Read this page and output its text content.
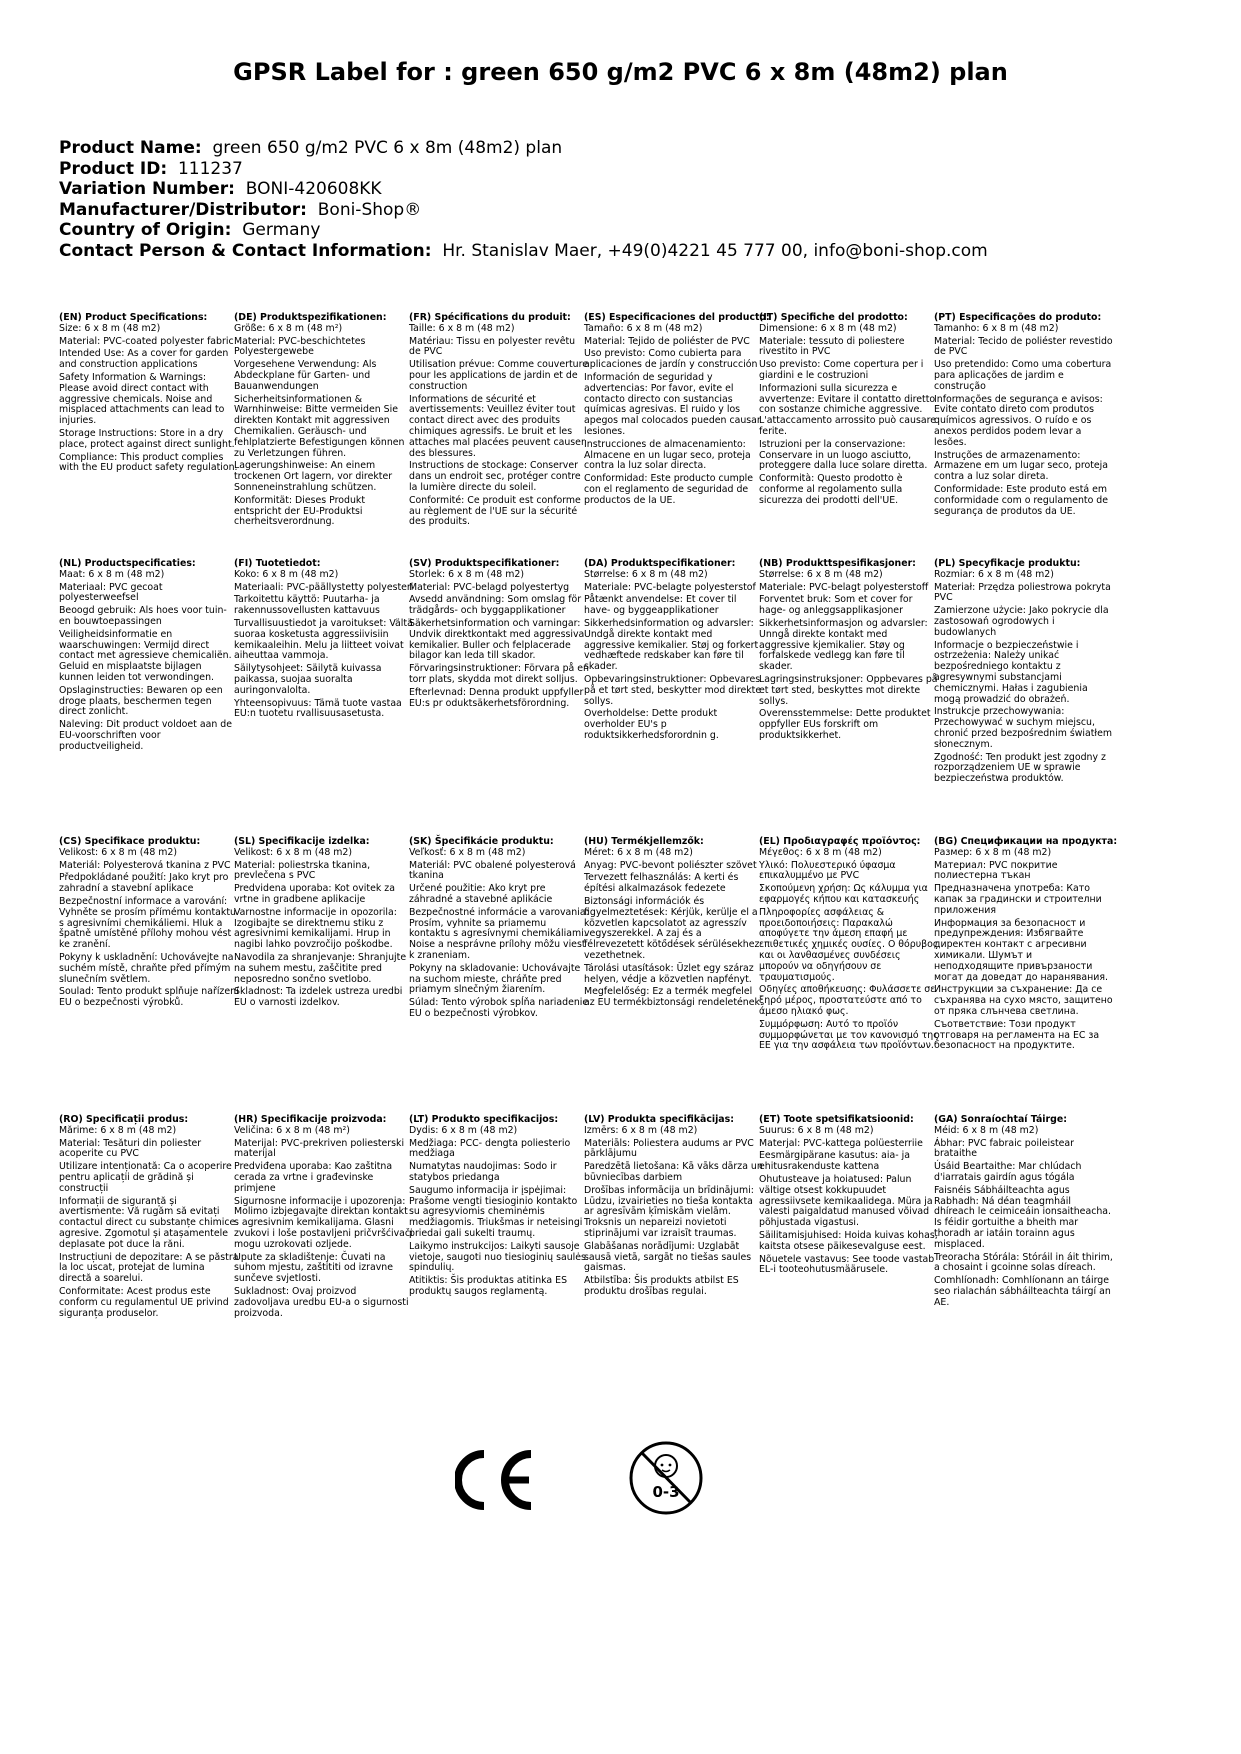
GPSR Label for : green 650 g/m2 PVC 6 x 8m (48m2) plan
Product Name: green 650 g/m2 PVC 6 x 8m (48m2) plan
Product ID: 111237
Variation Number: BONI-420608KK
Manufacturer/Distributor: Boni-Shop®
Country of Origin: Germany
Contact Person & Contact Information: Hr. Stanislav Maer, +49(0)4221 45 777 00, info@boni-shop.com
(EN) Product Specifications:
Size: 6 x 8 m (48 m2)
Material: PVC-coated polyester fabric
Intended Use: As a cover for garden and construction applications
Safety Information & Warnings: Please avoid direct contact with aggressive chemicals. Noise and misplaced attachments can lead to injuries.
Storage Instructions: Store in a dry place, protect against direct sunlight.
Compliance: This product complies with the EU product safety regulation.
(DE) Produktspezifikationen:
Größe: 6 x 8 m (48 m²)
Material: PVC-beschichtetes Polyestergewebe
Vorgesehene Verwendung: Als Abdeckplane für Garten- und Bauanwendungen
Sicherheitsinformationen & Warnhinweise: Bitte vermeiden Sie direkten Kontakt mit aggressiven Chemikalien. Geräusch- und fehlplatzierte Befestigungen können zu Verletzungen führen.
Lagerungshinweise: An einem trockenen Ort lagern, vor direkter Sonneneinstrahlung schützen.
Konformität: Dieses Produkt entspricht der EU-Produktsi cherheitsverordnung.
(FR) Spécifications du produit:
Taille: 6 x 8 m (48 m2)
Matériau: Tissu en polyester revêtu de PVC
Utilisation prévue: Comme couverture pour les applications de jardin et de construction
Informations de sécurité et avertissements: Veuillez éviter tout contact direct avec des produits chimiques agressifs. Le bruit et les attaches mal placées peuvent causer des blessures.
Instructions de stockage: Conserver dans un endroit sec, protéger contre la lumière directe du soleil.
Conformité: Ce produit est conforme au règlement de l'UE sur la sécurité des produits.
(ES) Especificaciones del producto:
Tamaño: 6 x 8 m (48 m2)
Material: Tejido de poliéster de PVC
Uso previsto: Como cubierta para aplicaciones de jardín y construcción
Información de seguridad y advertencias: Por favor, evite el contacto directo con sustancias químicas agresivas. El ruido y los apegos mal colocados pueden causar lesiones.
Instrucciones de almacenamiento: Almacene en un lugar seco, proteja contra la luz solar directa.
Conformidad: Este producto cumple con el reglamento de seguridad de productos de la UE.
(IT) Specifiche del prodotto:
Dimensione: 6 x 8 m (48 m2)
Materiale: tessuto di poliestere rivestito in PVC
Uso previsto: Come copertura per i giardini e le costruzioni
Informazioni sulla sicurezza e avvertenze: Evitare il contatto diretto con sostanze chimiche aggressive. L'attaccamento arrossito può causare ferite.
Istruzioni per la conservazione: Conservare in un luogo asciutto, proteggere dalla luce solare diretta.
Conformità: Questo prodotto è conforme al regolamento sulla sicurezza dei prodotti dell'UE.
(PT) Especificações do produto:
Tamanho: 6 x 8 m (48 m2)
Material: Tecido de poliéster revestido de PVC
Uso pretendido: Como uma cobertura para aplicações de jardim e construção
Informações de segurança e avisos: Evite contato direto com produtos químicos agressivos. O ruído e os anexos perdidos podem levar a lesões.
Instruções de armazenamento: Armazene em um lugar seco, proteja contra a luz solar direta.
Conformidade: Este produto está em conformidade com o regulamento de segurança de produtos da UE.
(NL) Productspecificaties:
Maat: 6 x 8 m (48 m2)
Materiaal: PVC gecoat polyesterweefsel
Beoogd gebruik: Als hoes voor tuin- en bouwtoepassingen
Veiligheidsinformatie en waarschuwingen: Vermijd direct contact met agressieve chemicaliën. Geluid en misplaatste bijlagen kunnen leiden tot verwondingen.
Opslaginstructies: Bewaren op een droge plaats, beschermen tegen direct zonlicht.
Naleving: Dit product voldoet aan de EU-voorschriften voor productveiligheid.
(FI) Tuotetiedot:
Koko: 6 x 8 m (48 m2)
Materiaali: PVC-päällystetty polyesteri
Tarkoitettu käyttö: Puutarha- ja rakennussovellusten kattavuus
Turvallisuustiedot ja varoitukset: Vältä suoraa kosketusta aggressiivisiin kemikaaleihin. Melu ja liitteet voivat aiheuttaa vammoja.
Säilytysohjeet: Säilytä kuivassa paikassa, suojaa suoralta auringonvalolta.
Yhteensopivuus: Tämä tuote vastaa EU:n tuotetu rvallisuusasetusta.
(SV) Produktspecifikationer:
Storlek: 6 x 8 m (48 m2)
Material: PVC-belagd polyestertyg
Avsedd användning: Som omslag för trädgårds- och byggapplikationer
Säkerhetsinformation och varningar: Undvik direktkontakt med aggressiva kemikalier. Buller och felplacerade bilagor kan leda till skador.
Förvaringsinstruktioner: Förvara på en torr plats, skydda mot direkt solljus.
Efterlevnad: Denna produkt uppfyller EU:s pr oduktsäkerhetsförordning.
(DA) Produktspecifikationer:
Størrelse: 6 x 8 m (48 m2)
Materiale: PVC-belagte polyesterstof
Påtænkt anvendelse: Et cover til have- og byggeapplikationer
Sikkerhedsinformation og advarsler: Undgå direkte kontakt med aggressive kemikalier. Støj og forkert vedhæftede redskaber kan føre til skader.
Opbevaringsinstruktioner: Opbevares på et tørt sted, beskytter mod direkte sollys.
Overholdelse: Dette produkt overholder EU's p roduktsikkerhedsforordnin g.
(NB) Produkttspesifikasjoner:
Størrelse: 6 x 8 m (48 m2)
Materiale: PVC-belagt polyesterstoff
Forventet bruk: Som et cover for hage- og anleggsapplikasjoner
Sikkerhetsinformasjon og advarsler: Unngå direkte kontakt med aggressive kjemikalier. Støy og forfalskede vedlegg kan føre til skader.
Lagringsinstruksjoner: Oppbevares på et tørt sted, beskyttes mot direkte sollys.
Overensstemmelse: Dette produktet oppfyller EUs forskrift om produktsikkerhet.
(PL) Specyfikacje produktu:
Rozmiar: 6 x 8 m (48 m2)
Materiał: Przędza poliestrowa pokryta PVC
Zamierzone użycie: Jako pokrycie dla zastosowań ogrodowych i budowlanych
Informacje o bezpieczeństwie i ostrzeżenia: Należy unikać bezpośredniego kontaktu z agresywnymi substancjami chemicznymi. Hałas i zagubienia mogą prowadzić do obrażeń.
Instrukcje przechowywania: Przechowywać w suchym miejscu, chronić przed bezpośrednim światłem słonecznym.
Zgodność: Ten produkt jest zgodny z rozporządzeniem UE w sprawie bezpieczeństwa produktów.
(CS) Specifikace produktu:
Velikost: 6 x 8 m (48 m2)
Materiál: Polyesterová tkanina z PVC
Předpokládané použití: Jako kryt pro zahradní a stavební aplikace
Bezpečnostní informace a varování: Vyhněte se prosím přímému kontaktu s agresivními chemikáliemi. Hluk a špatně umístěné přílohy mohou vést ke zranění.
Pokyny k uskladnění: Uchovávejte na suchém místě, chraňte před přímým slunečním světlem.
Soulad: Tento produkt splňuje nařízení EU o bezpečnosti výrobků.
(SL) Specifikacije izdelka:
Velikost: 6 x 8 m (48 m2)
Material: poliestrska tkanina, prevlečena s PVC
Predvidena uporaba: Kot ovitek za vrtne in gradbene aplikacije
Varnostne informacije in opozorila: Izogibajte se direktnemu stiku z agresivnimi kemikalijami. Hrup in nagibi lahko povzročijo poškodbe.
Navodila za shranjevanje: Shranjujte na suhem mestu, zaščitite pred neposredno sončno svetlobo.
Skladnost: Ta izdelek ustreza uredbi EU o varnosti izdelkov.
(SK) Špecifikácie produktu:
Veľkosť: 6 x 8 m (48 m2)
Materiál: PVC obalené polyesterová tkanina
Určené použitie: Ako kryt pre záhradné a stavebné aplikácie
Bezpečnostné informácie a varovania: Prosím, vyhnite sa priamemu kontaktu s agresívnymi chemikáliami. Noise a nesprávne prílohy môžu viesť k zraneniam.
Pokyny na skladovanie: Uchovávajte na suchom mieste, chráňte pred priamym slnečným žiarením.
Súlad: Tento výrobok spĺňa nariadenie EU o bezpečnosti výrobkov.
(HU) Termékjellemzők:
Méret: 6 x 8 m (48 m2)
Anyag: PVC-bevont poliészter szövet
Tervezett felhasználás: A kerti és építési alkalmazások fedezete
Biztonsági információk és figyelmeztetések: Kérjük, kerülje el a közvetlen kapcsolatot az agresszív vegyszerekkel. A zaj és a félrevezetett kötődések sérülésekhez vezethetnek.
Tárolási utasítások: Üzlet egy száraz helyen, védje a közvetlen napfényt.
Megfelelőség: Ez a termék megfelel az EU termékbiztonsági rendeletének.
(EL) Προδιαγραφές προϊόντος:
Μέγεθος: 6 x 8 m (48 m2)
Υλικό: Πολυεστερικό ύφασμα επικαλυμμένο με PVC
Σκοπούμενη χρήση: Ως κάλυμμα για εφαρμογές κήπου και κατασκευής
Πληροφορίες ασφάλειας & προειδοποιήσεις: Παρακαλώ αποφύγετε την άμεση επαφή με επιθετικές χημικές ουσίες. Ο θόρυβος και οι λανθασμένες συνδέσεις μπορούν να οδηγήσουν σε τραυματισμούς.
Οδηγίες αποθήκευσης: Φυλάσσετε σε ξηρό μέρος, προστατεύστε από το άμεσο ηλιακό φως.
Συμμόρφωση: Αυτό το προϊόν συμμορφώνεται με τον κανονισμό της ΕΕ για την ασφάλεια των προϊόντων.
(BG) Спецификации на продукта:
Размер: 6 x 8 m (48 m2)
Материал: PVC покритие полиестерна тъкан
Предназначена употреба: Като капак за градински и строителни приложения
Информация за безопасност и предупреждения: Избягвайте директен контакт с агресивни химикали. Шумът и неподходящите привързаности могат да доведат до наранявания.
Инструкции за съхранение: Да се съхранява на сухо място, защитено от пряка слънчева светлина.
Съответствие: Този продукт отговаря на регламента на ЕС за безопасност на продуктите.
(RO) Specificații produs:
Mărime: 6 x 8 m (48 m2)
Material: Tesături din poliester acoperite cu PVC
Utilizare intenționată: Ca o acoperire pentru aplicații de grădină și construcții
Informații de siguranță și avertismente: Vă rugăm să evitați contactul direct cu substanțe chimice agresive. Zgomotul și atașamentele deplasate pot duce la răni.
Instrucțiuni de depozitare: A se păstra la loc uscat, protejat de lumina directă a soarelui.
Conformitate: Acest produs este conform cu regulamentul UE privind siguranța produselor.
(HR) Specifikacije proizvoda:
Veličina: 6 x 8 m (48 m²)
Materijal: PVC-prekriven poliesterski materijal
Predviđena uporaba: Kao zaštitna cerada za vrtne i građevinske primjene
Sigurnosne informacije i upozorenja: Molimo izbjegavajte direktan kontakt s agresivnim kemikalijama. Glasni zvukovi i loše postavljeni pričvršćivači mogu uzrokovati ozljede.
Upute za skladištenje: Čuvati na suhom mjestu, zaštititi od izravne sunčeve svjetlosti.
Sukladnost: Ovaj proizvod zadovoljava uredbu EU-a o sigurnosti proizvoda.
(LT) Produkto specifikacijos:
Dydis: 6 x 8 m (48 m2)
Medžiaga: PCC- dengta poliesterio medžiaga
Numatytas naudojimas: Sodo ir statybos priedanga
Saugumo informacija ir įspėjimai: Prašome vengti tiesioginio kontakto su agresyviomis cheminėmis medžiagomis. Triukšmas ir neteisingi priedai gali sukelti traumų.
Laikymo instrukcijos: Laikyti sausoje vietoje, saugoti nuo tiesioginių saulės spindulių.
Atitiktis: Šis produktas atitinka ES produktų saugos reglamentą.
(LV) Produkta specifikācijas:
Izmērs: 6 x 8 m (48 m2)
Materiāls: Poliestera audums ar PVC pārklājumu
Paredzētā lietošana: Kā vāks dārza un būvniecības darbiem
Drošības informācija un brīdinājumi: Lūdzu, izvairieties no tieša kontakta ar agresīvām ķīmiskām vielām. Troksnis un nepareizi novietoti stiprinājumi var izraisīt traumas.
Glabāšanas norādījumi: Uzglabāt sausā vietā, sargāt no tiešas saules gaismas.
Atbilstība: Šis produkts atbilst ES produktu drošības regulai.
(ET) Toote spetsifikatsioonid:
Suurus: 6 x 8 m (48 m2)
Materjal: PVC-kattega polüesterriie
Eesmärgipärane kasutus: aia- ja ehitusrakenduste kattena
Ohutusteave ja hoiatused: Palun vältige otsest kokkupuudet agressiivsete kemikaalidega. Müra ja valesti paigaldatud manused võivad põhjustada vigastusi.
Säilitamisjuhised: Hoida kuivas kohas, kaitsta otsese päikesevalguse eest.
Nõuetele vastavus: See toode vastab EL-i tooteohutusmäärusele.
(GA) Sonraíochtaí Táirge:
Méid: 6 x 8 m (48 m2)
Ábhar: PVC fabraic poileistear brataithe
Úsáid Beartaithe: Mar chlúdach d'iarratais gairdín agus tógála
Faisnéis Sábháilteachta agus Rabhadh: Ná déan teagmháil dhíreach le ceimiceáin ionsaitheacha. Is féidir gortuithe a bheith mar thoradh ar iatáin torainn agus misplaced.
Treoracha Stórála: Stóráil in áit thirim, a chosaint i gcoinne solas díreach.
Comhlíonadh: Comhlíonann an táirge seo rialachán sábháilteachta táirgí an AE.
0-3
